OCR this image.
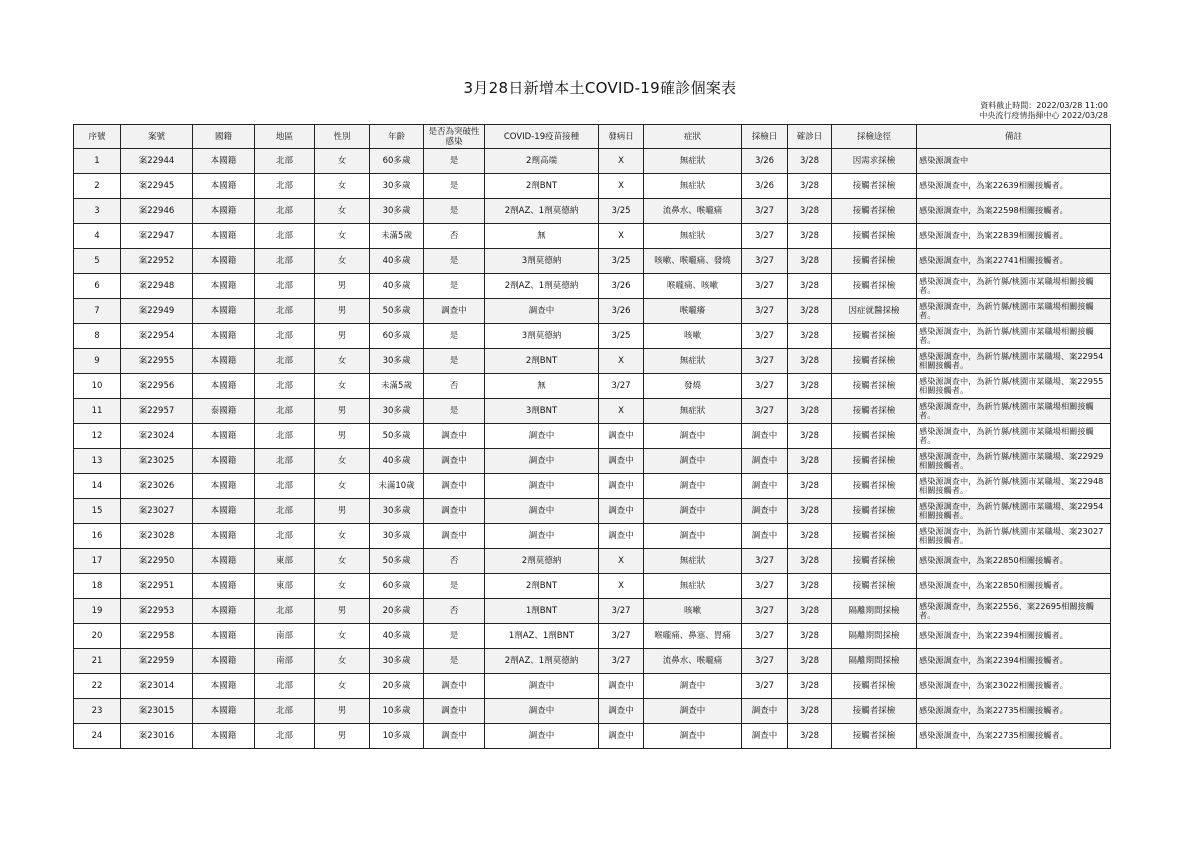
3月28日新增本土COVID-19確診個案表
資料截止時間：2022/03/28 11:00
中央流行疫情指揮中心 2022/03/28
序號	案號	國籍	地區	性別	年齡	是否為突破性感染	COVID-19疫苗接種	發病日	症狀	採檢日	確診日	採檢途徑	備註
1	案22944	本國籍	北部	女	60多歲	是	2劑高端	X	無症狀	3/26	3/28	因需求採檢	感染源調查中
2	案22945	本國籍	北部	女	30多歲	是	2劑BNT	X	無症狀	3/26	3/28	接觸者採檢	感染源調查中，為案22639相關接觸者。
3	案22946	本國籍	北部	女	30多歲	是	2劑AZ、1劑莫德納	3/25	流鼻水、喉嚨痛	3/27	3/28	接觸者採檢	感染源調查中，為案22598相關接觸者。
4	案22947	本國籍	北部	女	未滿5歲	否	無	X	無症狀	3/27	3/28	接觸者採檢	感染源調查中，為案22839相關接觸者。
5	案22952	本國籍	北部	女	40多歲	是	3劑莫德納	3/25	咳嗽、喉嚨痛、發燒	3/27	3/28	接觸者採檢	感染源調查中，為案22741相關接觸者。
6	案22948	本國籍	北部	男	40多歲	是	2劑AZ、1劑莫德納	3/26	喉嚨痛、咳嗽	3/27	3/28	接觸者採檢	感染源調查中，為新竹縣/桃園市某職場相關接觸者。
7	案22949	本國籍	北部	男	50多歲	調查中	調查中	3/26	喉嚨癢	3/27	3/28	因症就醫採檢	感染源調查中，為新竹縣/桃園市某職場相關接觸者。
8	案22954	本國籍	北部	男	60多歲	是	3劑莫德納	3/25	咳嗽	3/27	3/28	接觸者採檢	感染源調查中，為新竹縣/桃園市某職場相關接觸者。
9	案22955	本國籍	北部	女	30多歲	是	2劑BNT	X	無症狀	3/27	3/28	接觸者採檢	感染源調查中，為新竹縣/桃園市某職場、案22954相關接觸者。
10	案22956	本國籍	北部	女	未滿5歲	否	無	3/27	發燒	3/27	3/28	接觸者採檢	感染源調查中，為新竹縣/桃園市某職場、案22955相關接觸者。
11	案22957	泰國籍	北部	男	30多歲	是	3劑BNT	X	無症狀	3/27	3/28	接觸者採檢	感染源調查中，為新竹縣/桃園市某職場相關接觸者。
12	案23024	本國籍	北部	男	50多歲	調查中	調查中	調查中	調查中	調查中	3/28	接觸者採檢	感染源調查中，為新竹縣/桃園市某職場相關接觸者。
13	案23025	本國籍	北部	女	40多歲	調查中	調查中	調查中	調查中	調查中	3/28	接觸者採檢	感染源調查中，為新竹縣/桃園市某職場、案22929相關接觸者。
14	案23026	本國籍	北部	女	未滿10歲	調查中	調查中	調查中	調查中	調查中	3/28	接觸者採檢	感染源調查中，為新竹縣/桃園市某職場、案22948相關接觸者。
15	案23027	本國籍	北部	男	30多歲	調查中	調查中	調查中	調查中	調查中	3/28	接觸者採檢	感染源調查中，為新竹縣/桃園市某職場、案22954相關接觸者。
16	案23028	本國籍	北部	女	30多歲	調查中	調查中	調查中	調查中	調查中	3/28	接觸者採檢	感染源調查中，為新竹縣/桃園市某職場、案23027相關接觸者。
17	案22950	本國籍	東部	女	50多歲	否	2劑莫德納	X	無症狀	3/27	3/28	接觸者採檢	感染源調查中，為案22850相關接觸者。
18	案22951	本國籍	東部	女	60多歲	是	2劑BNT	X	無症狀	3/27	3/28	接觸者採檢	感染源調查中，為案22850相關接觸者。
19	案22953	本國籍	北部	男	20多歲	否	1劑BNT	3/27	咳嗽	3/27	3/28	隔離期間採檢	感染源調查中，為案22556、案22695相關接觸者。
20	案22958	本國籍	南部	女	40多歲	是	1劑AZ、1劑BNT	3/27	喉嚨痛、鼻塞、胃痛	3/27	3/28	隔離期間採檢	感染源調查中，為案22394相關接觸者。
21	案22959	本國籍	南部	女	30多歲	是	2劑AZ、1劑莫德納	3/27	流鼻水、喉嚨痛	3/27	3/28	隔離期間採檢	感染源調查中，為案22394相關接觸者。
22	案23014	本國籍	北部	女	20多歲	調查中	調查中	調查中	調查中	3/27	3/28	接觸者採檢	感染源調查中，為案23022相關接觸者。
23	案23015	本國籍	北部	男	10多歲	調查中	調查中	調查中	調查中	調查中	3/28	接觸者採檢	感染源調查中，為案22735相關接觸者。
24	案23016	本國籍	北部	男	10多歲	調查中	調查中	調查中	調查中	調查中	3/28	接觸者採檢	感染源調查中，為案22735相關接觸者。
